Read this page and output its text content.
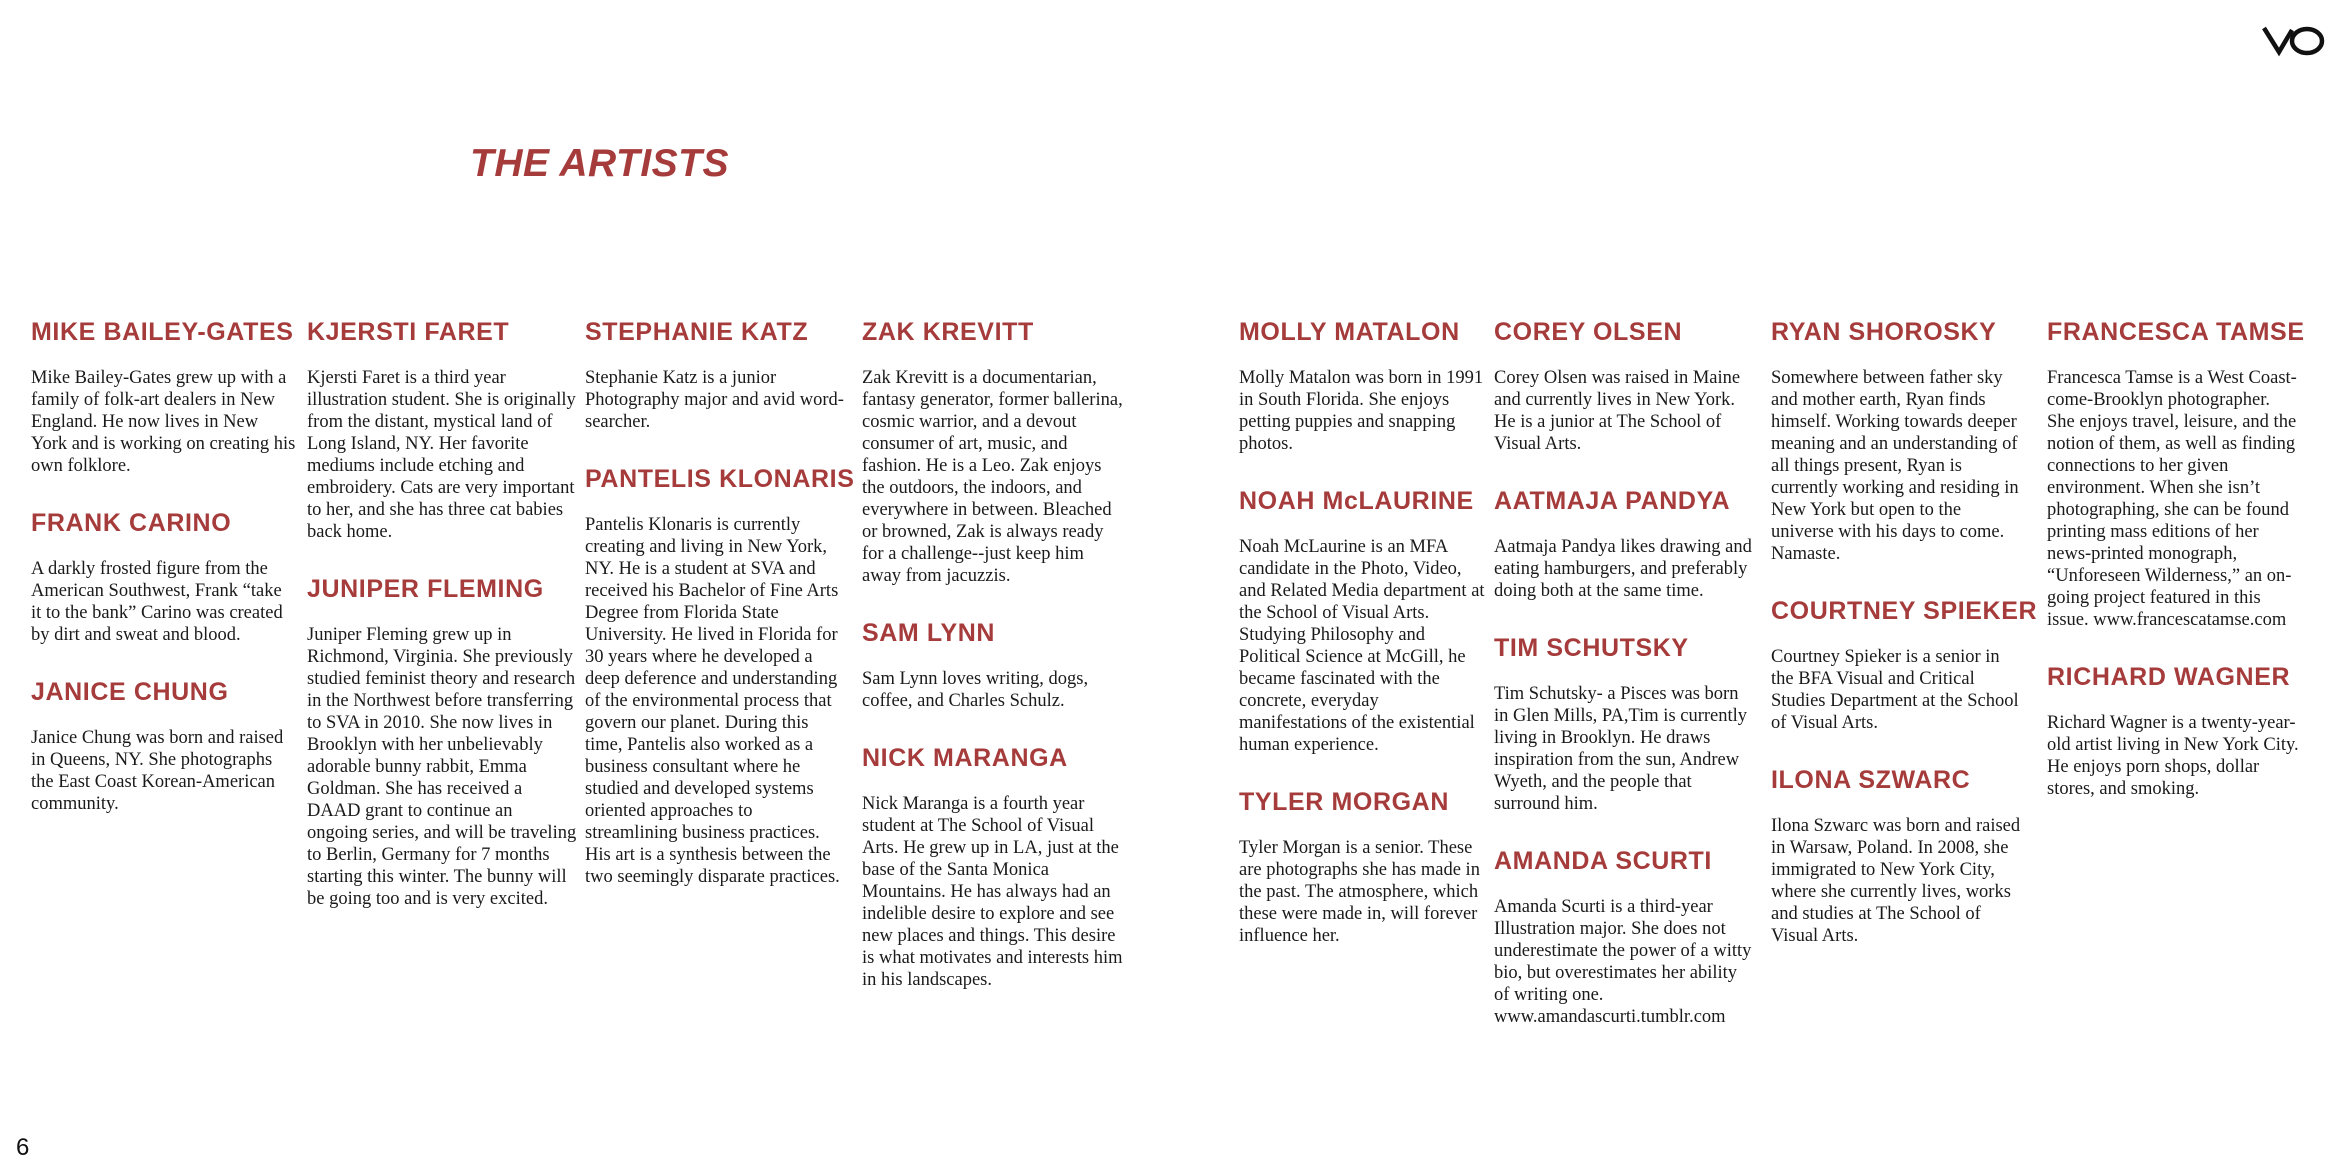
THE ARTISTS
MIKE BAILEY-GATES

Mike Bailey-Gates grew up with a family of folk-art dealers in New England. He now lives in New York and is working on creating his own folklore.

FRANK CARINO

A darkly frosted figure from the American Southwest, Frank “take it to the bank” Carino was created by dirt and sweat and blood.

JANICE CHUNG

Janice Chung was born and raised in Queens, NY. She photographs the East Coast Korean-American community.

KJERSTI FARET

Kjersti Faret is a third year illustration student. She is originally from the distant, mystical land of Long Island, NY. Her favorite mediums include etching and embroidery. Cats are very important to her, and she has three cat babies back home.

JUNIPER FLEMING

Juniper Fleming grew up in Richmond, Virginia. She previously studied feminist theory and research in the Northwest before transferring to SVA in 2010. She now lives in Brooklyn with her unbelievably adorable bunny rabbit, Emma Goldman. She has received a DAAD grant to continue an ongoing series, and will be traveling to Berlin, Germany for 7 months starting this winter. The bunny will be going too and is very excited.

STEPHANIE KATZ

Stephanie Katz is a junior Photography major and avid word-searcher.

PANTELIS KLONARIS

Pantelis Klonaris is currently creating and living in New York, NY. He is a student at SVA and received his Bachelor of Fine Arts Degree from Florida State University. He lived in Florida for 30 years where he developed a deep deference and understanding of the environmental process that govern our planet. During this time, Pantelis also worked as a business consultant where he studied and developed systems oriented approaches to streamlining business practices. His art is a synthesis between the two seemingly disparate practices.

ZAK KREVITT

Zak Krevitt is a documentarian, fantasy generator, former ballerina, cosmic warrior, and a devout consumer of art, music, and fashion. He is a Leo. Zak enjoys the outdoors, the indoors, and everywhere in between. Bleached or browned, Zak is always ready for a challenge--just keep him away from jacuzzis.

SAM LYNN

Sam Lynn loves writing, dogs, coffee, and Charles Schulz.

NICK MARANGA

Nick Maranga is a fourth year student at The School of Visual Arts. He grew up in LA, just at the base of the Santa Monica Mountains. He has always had an indelible desire to explore and see new places and things. This desire is what motivates and interests him in his landscapes.

MOLLY MATALON

Molly Matalon was born in 1991 in South Florida. She enjoys petting puppies and snapping photos.

NOAH McLAURINE

Noah McLaurine is an MFA candidate in the Photo, Video, and Related Media department at the School of Visual Arts. Studying Philosophy and Political Science at McGill, he became fascinated with the concrete, everyday manifestations of the existential human experience.

TYLER MORGAN

Tyler Morgan is a senior. These are photographs she has made in the past. The atmosphere, which these were made in, will forever influence her.

COREY OLSEN

Corey Olsen was raised in Maine and currently lives in New York. He is a junior at The School of Visual Arts.

AATMAJA PANDYA

Aatmaja Pandya likes drawing and eating hamburgers, and preferably doing both at the same time.

TIM SCHUTSKY

Tim Schutsky- a Pisces was born in Glen Mills, PA,Tim is currently living in Brooklyn. He draws inspiration from the sun, Andrew Wyeth, and the people that surround him.

AMANDA SCURTI

Amanda Scurti is a third-year Illustration major. She does not underestimate the power of a witty bio, but overestimates her ability of writing one. www.amandascurti.tumblr.com

RYAN SHOROSKY

Somewhere between father sky and mother earth, Ryan finds himself. Working towards deeper meaning and an understanding of all things present, Ryan is currently working and residing in New York but open to the universe with his days to come. Namaste.

COURTNEY SPIEKER

Courtney Spieker is a senior in the BFA Visual and Critical Studies Department at the School of Visual Arts.

ILONA SZWARC

Ilona Szwarc was born and raised in Warsaw, Poland. In 2008, she immigrated to New York City, where she currently lives, works and studies at The School of Visual Arts.

FRANCESCA TAMSE

Francesca Tamse is a West Coast-come-Brooklyn photographer. She enjoys travel, leisure, and the notion of them, as well as finding connections to her given environment. When she isn’t photographing, she can be found printing mass editions of her news-printed monograph, “Unforeseen Wilderness,” an on-going project featured in this issue. www.francescatamse.com

RICHARD WAGNER

Richard Wagner is a twenty-year-old artist living in New York City. He enjoys porn shops, dollar stores, and smoking.

6
